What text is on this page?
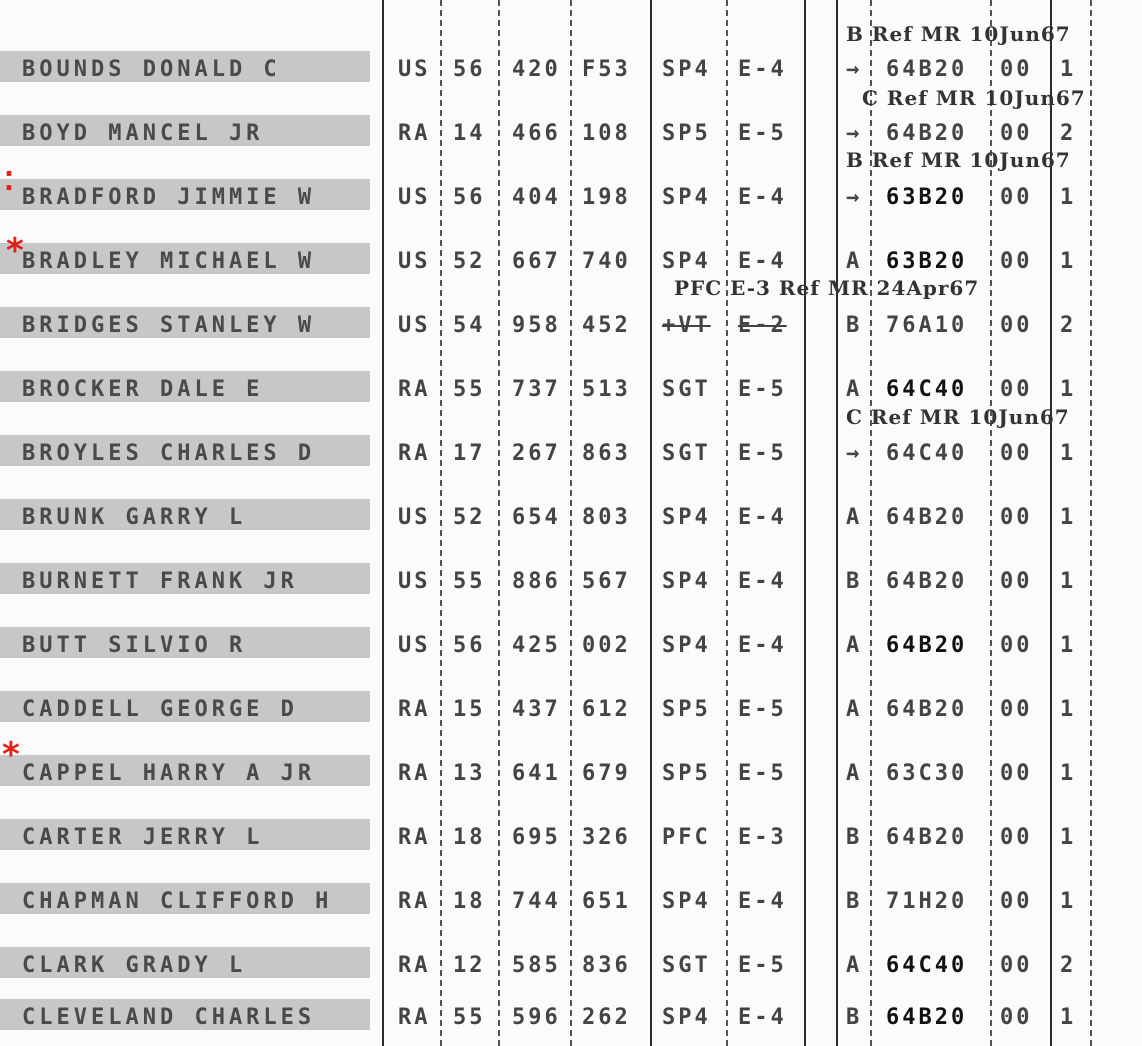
BOUNDS DONALD C	US 56 420 F53 SP4 E-4	→ 64B20 00 1
B Ref MR 10Jun67
BOYD MANCEL JR	RA 14 466 108 SP5 E-5	→ 64B20 00 2
C Ref MR 10Jun67
⁚
BRADFORD JIMMIE W	US 56 404 198 SP4 E-4	→ 63B20 00 1
B Ref MR 10Jun67
*
BRADLEY MICHAEL W	US 52 667 740 SP4 E-4	A 63B20 00 1
BRIDGES STANLEY W	US 54 958 452 +VT E-2	B 76A10 00 2
PFC E-3 Ref MR 24Apr67
BROCKER DALE E	RA 55 737 513 SGT E-5	A 64C40 00 1
BROYLES CHARLES D	RA 17 267 863 SGT E-5	→ 64C40 00 1
C Ref MR 10Jun67
BRUNK GARRY L	US 52 654 803 SP4 E-4	A 64B20 00 1
BURNETT FRANK JR	US 55 886 567 SP4 E-4	B 64B20 00 1
BUTT SILVIO R	US 56 425 002 SP4 E-4	A 64B20 00 1
CADDELL GEORGE D	RA 15 437 612 SP5 E-5	A 64B20 00 1
* CAPPEL HARRY A JR	RA 13 641 679 SP5 E-5	A 63C30 00 1
CARTER JERRY L	RA 18 695 326 PFC E-3	B 64B20 00 1
CHAPMAN CLIFFORD H	RA 18 744 651 SP4 E-4	B 71H20 00 1
CLARK GRADY L	RA 12 585 836 SGT E-5	A 64C40 00 2
CLEVELAND CHARLES	RA 55 596 262 SP4 E-4	B 64B20 00 1
